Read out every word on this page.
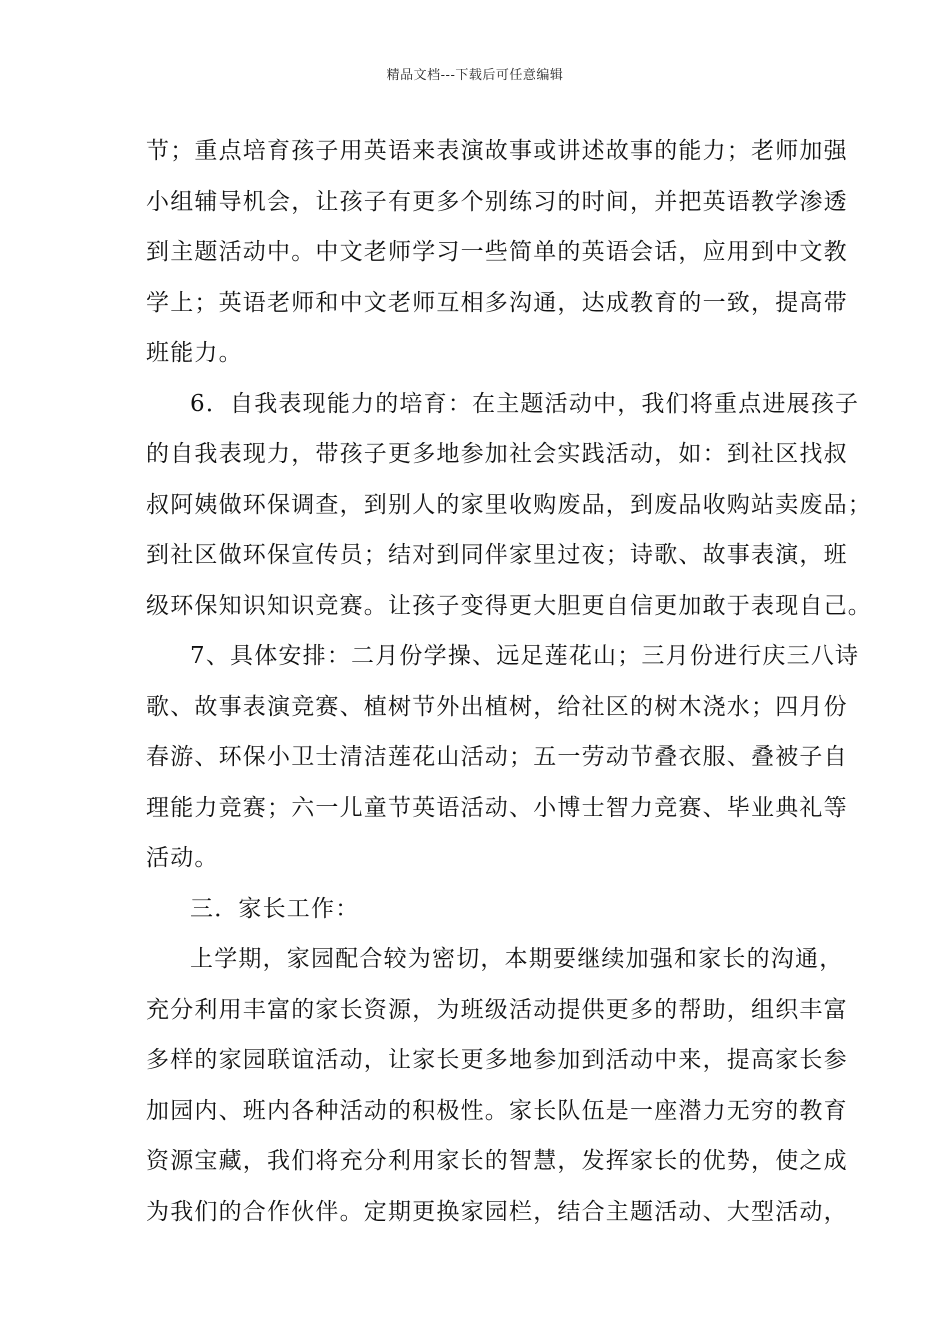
精品文档---下载后可任意编辑
节；重点培育孩子用英语来表演故事或讲述故事的能力；老师加强
小组辅导机会，让孩子有更多个别练习的时间，并把英语教学渗透
到主题活动中。中文老师学习一些简单的英语会话，应用到中文教
学上；英语老师和中文老师互相多沟通，达成教育的一致，提高带
班能力。
6．自我表现能力的培育：在主题活动中，我们将重点进展孩子
的自我表现力，带孩子更多地参加社会实践活动，如：到社区找叔
叔阿姨做环保调查，到别人的家里收购废品，到废品收购站卖废品；
到社区做环保宣传员；结对到同伴家里过夜；诗歌、故事表演，班
级环保知识知识竞赛。让孩子变得更大胆更自信更加敢于表现自己。
7、具体安排：二月份学操、远足莲花山；三月份进行庆三八诗
歌、故事表演竞赛、植树节外出植树，给社区的树木浇水；四月份
春游、环保小卫士清洁莲花山活动；五一劳动节叠衣服、叠被子自
理能力竞赛；六一儿童节英语活动、小博士智力竞赛、毕业典礼等
活动。
三．家长工作：
上学期，家园配合较为密切，本期要继续加强和家长的沟通，
充分利用丰富的家长资源，为班级活动提供更多的帮助，组织丰富
多样的家园联谊活动，让家长更多地参加到活动中来，提高家长参
加园内、班内各种活动的积极性。家长队伍是一座潜力无穷的教育
资源宝藏，我们将充分利用家长的智慧，发挥家长的优势，使之成
为我们的合作伙伴。定期更换家园栏，结合主题活动、大型活动，
